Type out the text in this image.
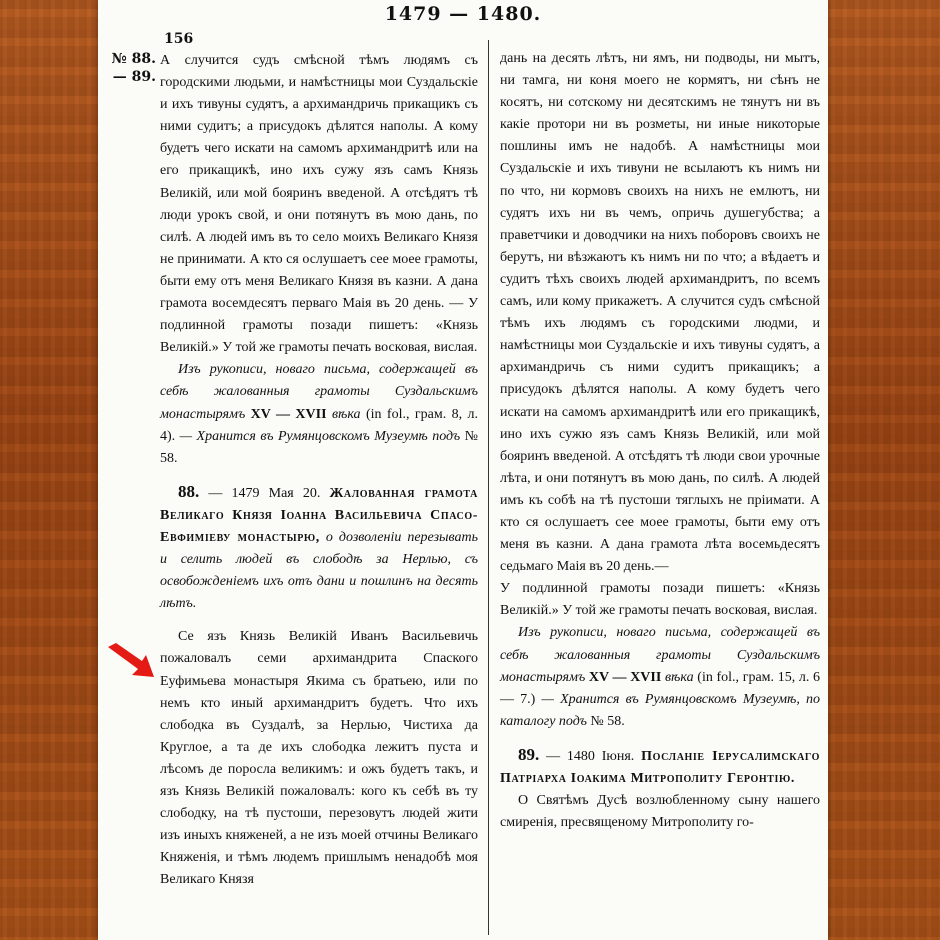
1479 — 1480.
156
№ 88.
— 89.

А случится судъ смѣсной тѣмъ людямъ съ городскими людьми, и намѣстницы мои Суздальскіе и ихъ тивуны судятъ, а архимандричь прикащикъ съ ними судитъ; а присудокъ дѣлятся наполы. А кому будетъ чего искати на самомъ архимандритѣ или на его прикащикѣ, ино ихъ сужу язъ самъ Князь Великій, или мой бояринъ введеной. А отсѣдятъ тѣ люди урокъ свой, и они потянутъ въ мою дань, по силѣ. А людей имъ въ то село моихъ Великаго Князя не принимати. А кто ся ослушаетъ сее моее грамоты, быти ему отъ меня Великаго Князя въ казни. А дана грамота восемдесятъ перваго Маія въ 20 день. — У подлинной грамоты позади пишетъ: «Князь Великій.» У той же грамоты печать восковая, вислая.

Изъ рукописи, новаго письма, содержащей въ себѣ жалованныя грамоты Суздальскимъ монастырямъ XV — XVII вѣка (in fol., грам. 8, л. 4). — Хранится въ Румянцовскомъ Музеумѣ подъ № 58.

88. — 1479 Мая 20. Жалованная грамота Великаго Князя Іоанна Васильевича Спасо-Евфиміеву монастырю, о дозволеніи перезывать и селить людей въ слободѣ за Нерлью, съ освобожденіемъ ихъ отъ дани и пошлинъ на десять лѣтъ.

Се язъ Князь Великій Иванъ Васильевичь пожаловалъ семи архимандрита Спаского Еуфимьева монастыря Якима съ братьею, или по немъ кто иный архимандритъ будетъ. Что ихъ слободка въ Суздалѣ, за Нерлью, Чистиха да Круглое, а та де ихъ слободка лежитъ пуста и лѣсомъ де поросла великимъ: и ожъ будетъ такъ, и язъ Князь Великій пожаловалъ: кого къ себѣ въ ту слободку, на тѣ пустоши, перезовутъ людей жити изъ иныхъ княженей, а не изъ моей отчины Великаго Княженія, и тѣмъ людемъ пришлымъ ненадобѣ моя Великаго Князя

дань на десять лѣтъ, ни ямъ, ни подводы, ни мытъ, ни тамга, ни коня моего не кормятъ, ни сѣнъ не косятъ, ни сотскому ни десятскимъ не тянутъ ни въ какіе протори ни въ розметы, ни иные никоторые пошлины имъ не надобѣ. А намѣстницы мои Суздальскіе и ихъ тивуни не всылаютъ къ нимъ ни по что, ни кормовъ своихъ на нихъ не емлютъ, ни судятъ ихъ ни въ чемъ, опричь душегубства; а праветчики и доводчики на нихъ поборовъ своихъ не берутъ, ни вѣзжаютъ къ нимъ ни по что; а вѣдаетъ и судитъ тѣхъ своихъ людей архимандритъ, по всемъ самъ, или кому прикажетъ. А случится судъ смѣсной тѣмъ ихъ людямъ съ городскими людми, и намѣстницы мои Суздальскіе и ихъ тивуны судятъ, а архимандричь съ ними судитъ прикащикъ; а присудокъ дѣлятся наполы. А кому будетъ чего искати на самомъ архимандритѣ или его прикащикѣ, ино ихъ сужю язъ самъ Князь Великій, или мой бояринъ введеной. А отсѣдятъ тѣ люди свои урочные лѣта, и они потянутъ въ мою дань, по силѣ. А людей имъ къ собѣ на тѣ пустоши тяглыхъ не пріимати. А кто ся ослушаетъ сее моее грамоты, быти ему отъ меня въ казни. А дана грамота лѣта восемьдесятъ седьмаго Маія въ 20 день.—

У подлинной грамоты позади пишетъ: «Князь Великій.» У той же грамоты печать восковая, вислая.

Изъ рукописи, новаго письма, содержащей въ себѣ жалованныя грамоты Суздальскимъ монастырямъ XV — XVII вѣка (in fol., грам. 15, л. 6 — 7.) — Хранится въ Румянцовскомъ Музеумѣ, по каталогу подъ № 58.

89. — 1480 Іюня. Посланіе Іерусалимскаго Патріарха Іоакима Митрополиту Геронтію.

О Святѣмъ Дусѣ возлюбленному сыну нашего смиренія, пресвященому Митрополиту го-
